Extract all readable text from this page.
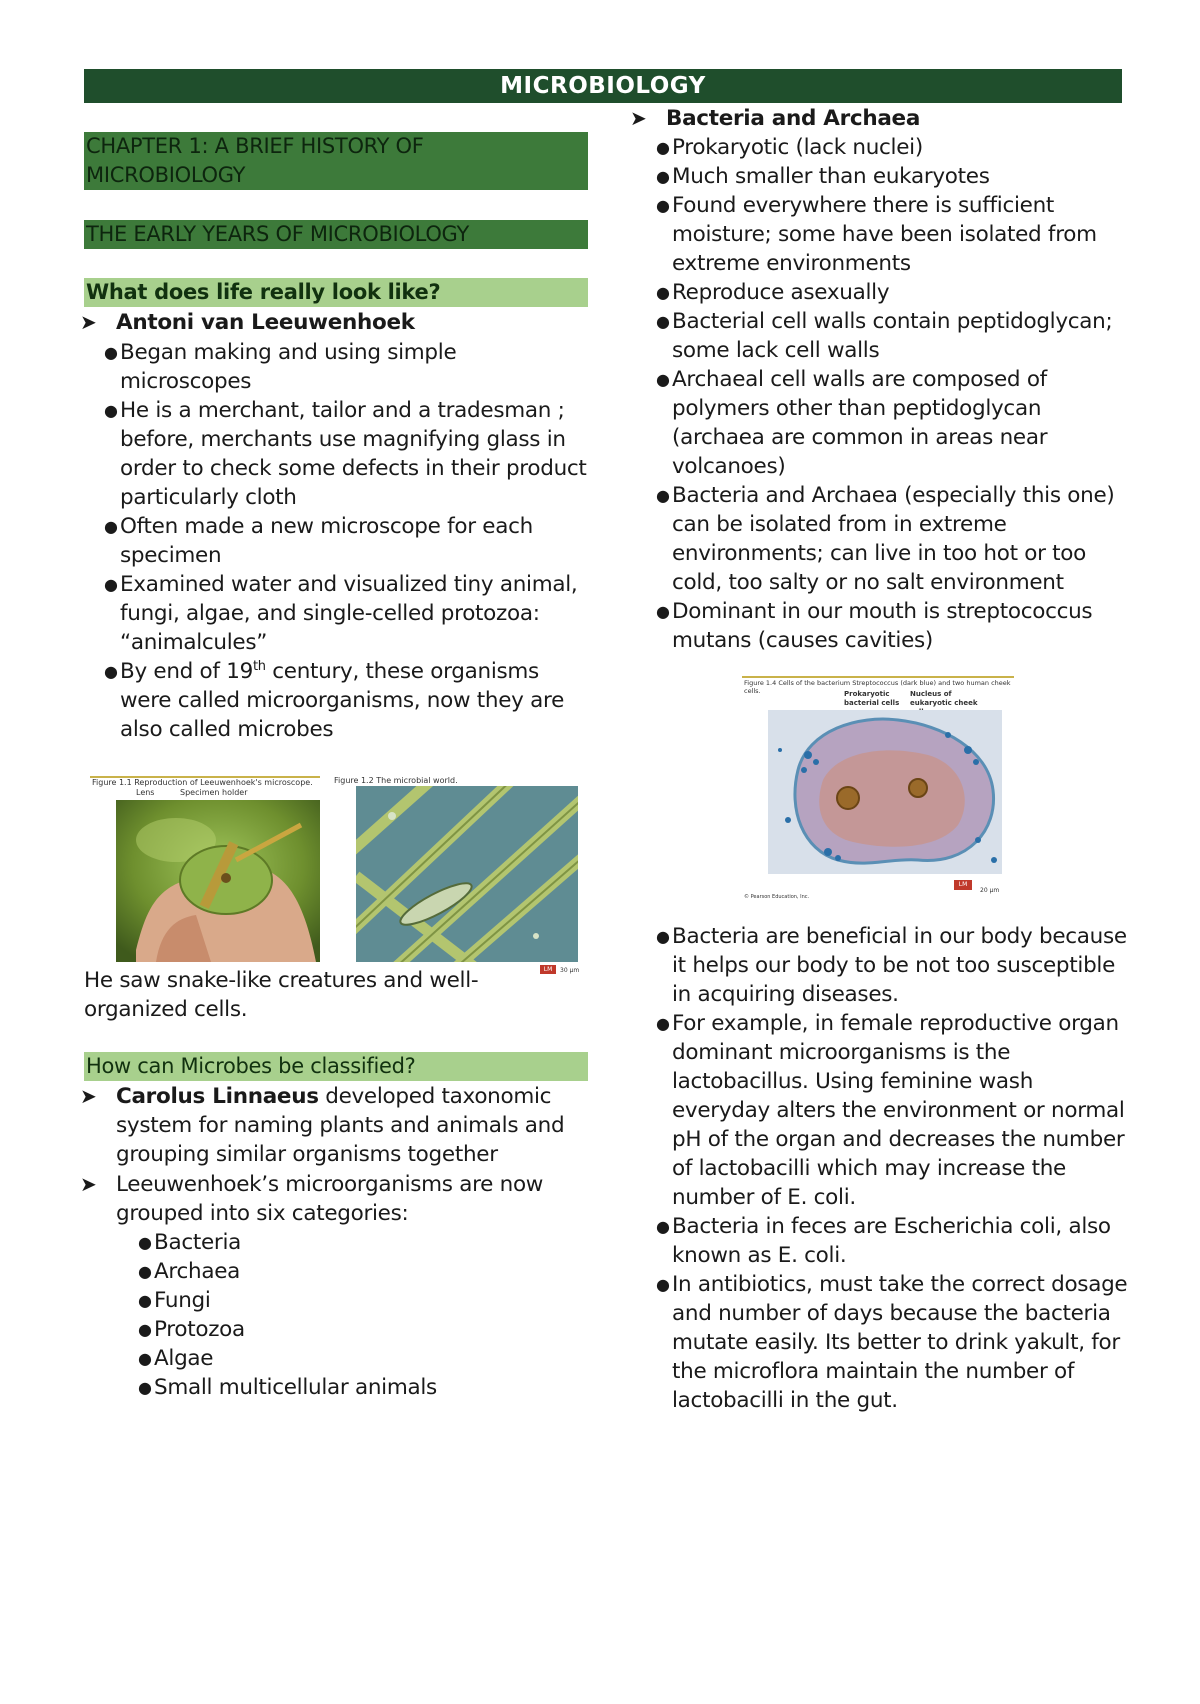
MICROBIOLOGY
CHAPTER 1: A BRIEF HISTORY OF MICROBIOLOGY
THE EARLY YEARS OF MICROBIOLOGY
What does life really look like?
➤ Antoni van Leeuwenhoek
● Began making and using simple microscopes
● He is a merchant, tailor and a tradesman ; before, merchants use magnifying glass in order to check some defects in their product particularly cloth
● Often made a new microscope for each specimen
● Examined water and visualized tiny animal, fungi, algae, and single-celled protozoa: “animalcules”
● By end of 19th century, these organisms were called microorganisms, now they are also called microbes
Figure 1.1 Reproduction of Leeuwenhoek's microscope.
Lens	Specimen holder
Figure 1.2 The microbial world.
LM	30 µm
He saw snake-like creatures and well-organized cells.
How can Microbes be classified?
➤ Carolus Linnaeus developed taxonomic system for naming plants and animals and grouping similar organisms together
➤ Leeuwenhoek’s microorganisms are now grouped into six categories:
● Bacteria
● Archaea
● Fungi
● Protozoa
● Algae
● Small multicellular animals
➤ Bacteria and Archaea
● Prokaryotic (lack nuclei)
● Much smaller than eukaryotes
● Found everywhere there is sufficient moisture; some have been isolated from extreme environments
● Reproduce asexually
● Bacterial cell walls contain peptidoglycan; some lack cell walls
● Archaeal cell walls are composed of polymers other than peptidoglycan (archaea are common in areas near volcanoes)
● Bacteria and Archaea (especially this one) can be isolated from in extreme environments; can live in too hot or too cold, too salty or no salt environment
● Dominant in our mouth is streptococcus mutans (causes cavities)
Figure 1.4 Cells of the bacterium Streptococcus (dark blue) and two human cheek cells.	Prokaryotic bacterial cells
Nucleus of eukaryotic cheek
LM
20 µm
© Pearson Education, Inc.
● Bacteria are beneficial in our body because it helps our body to be not too susceptible in acquiring diseases.
● For example, in female reproductive organ dominant microorganisms is the lactobacillus. Using feminine wash everyday alters the environment or normal pH of the organ and decreases the number of lactobacilli which may increase the number of E. coli.
● Bacteria in feces are Escherichia coli, also known as E. coli.
● In antibiotics, must take the correct dosage and number of days because the bacteria mutate easily. Its better to drink yakult, for the microflora maintain the number of lactobacilli in the gut.
